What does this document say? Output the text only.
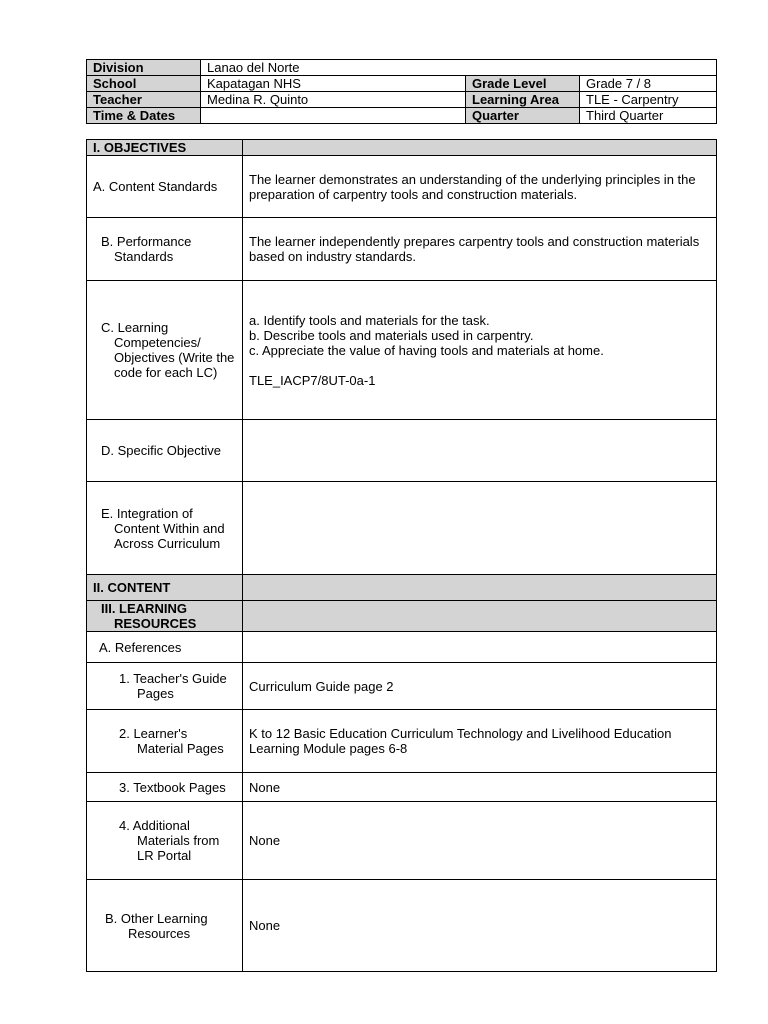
Division	Lanao del Norte		
School	Kapatagan NHS	Grade Level	Grade 7 / 8
Teacher	Medina R. Quinto	Learning Area	TLE - Carpentry
Time & Dates		Quarter	Third Quarter
I. OBJECTIVES	
A. Content Standards	The learner demonstrates an understanding of the underlying principles in the preparation of carpentry tools and construction materials.

B. Performance Standards	The learner independently prepares carpentry tools and construction materials based on industry standards.

C. Learning Competencies/ Objectives (Write the code for each LC)	a. Identify tools and materials for the task.
b. Describe tools and materials used in carpentry.
c. Appreciate the value of having tools and materials at home.
TLE_IACP7/8UT-0a-1

D. Specific Objective	

E. Integration of Content Within and Across Curriculum	

II. CONTENT	

III. LEARNING RESOURCES	

A. References	

1. Teacher's Guide Pages	Curriculum Guide page 2

2. Learner's Material Pages	K to 12 Basic Education Curriculum Technology and Livelihood Education Learning Module pages 6-8

3. Textbook Pages	None

4. Additional Materials from LR Portal	None

B. Other Learning Resources	None
